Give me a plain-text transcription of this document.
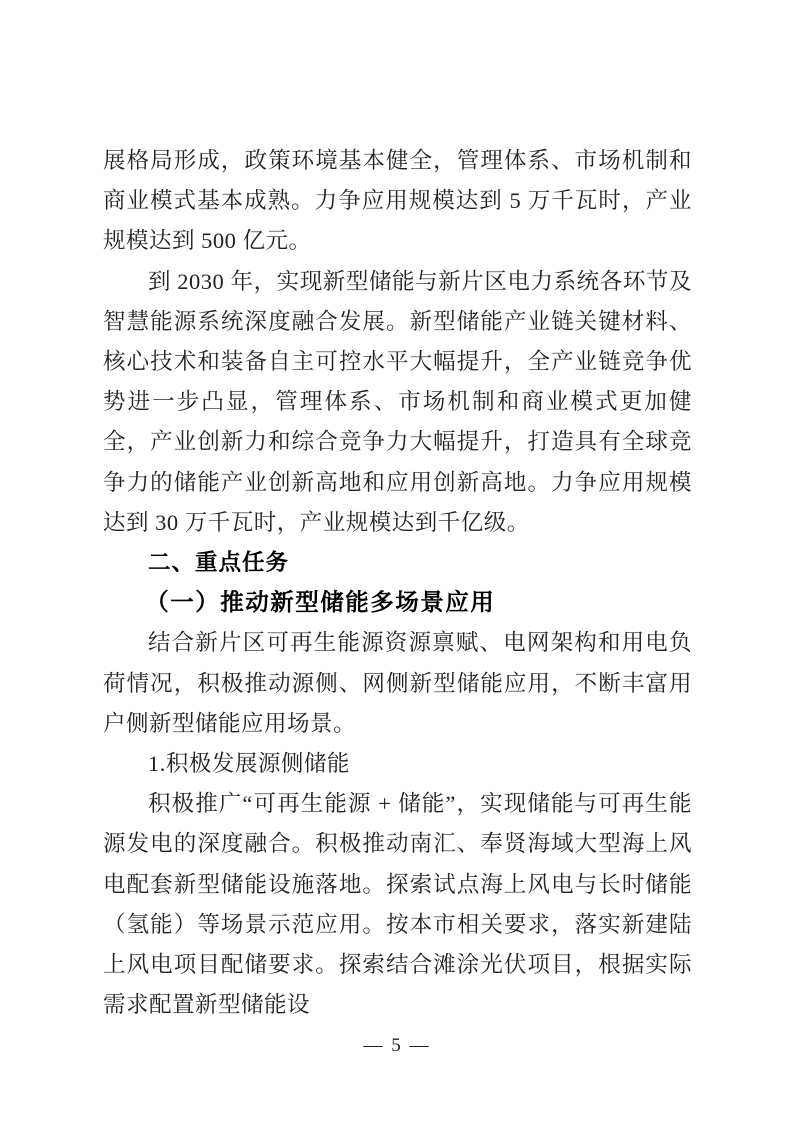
展格局形成，政策环境基本健全，管理体系、市场机制和商业模式基本成熟。力争应用规模达到 5 万千瓦时，产业规模达到 500 亿元。

到 2030 年，实现新型储能与新片区电力系统各环节及智慧能源系统深度融合发展。新型储能产业链关键材料、核心技术和装备自主可控水平大幅提升，全产业链竞争优势进一步凸显，管理体系、市场机制和商业模式更加健全，产业创新力和综合竞争力大幅提升，打造具有全球竞争力的储能产业创新高地和应用创新高地。力争应用规模达到 30 万千瓦时，产业规模达到千亿级。

二、重点任务
（一）推动新型储能多场景应用

结合新片区可再生能源资源禀赋、电网架构和用电负荷情况，积极推动源侧、网侧新型储能应用，不断丰富用户侧新型储能应用场景。

1.积极发展源侧储能

积极推广“可再生能源 + 储能”，实现储能与可再生能源发电的深度融合。积极推动南汇、奉贤海域大型海上风电配套新型储能设施落地。探索试点海上风电与长时储能（氢能）等场景示范应用。按本市相关要求，落实新建陆上风电项目配储要求。探索结合滩涂光伏项目，根据实际需求配置新型储能设

— 5 —
